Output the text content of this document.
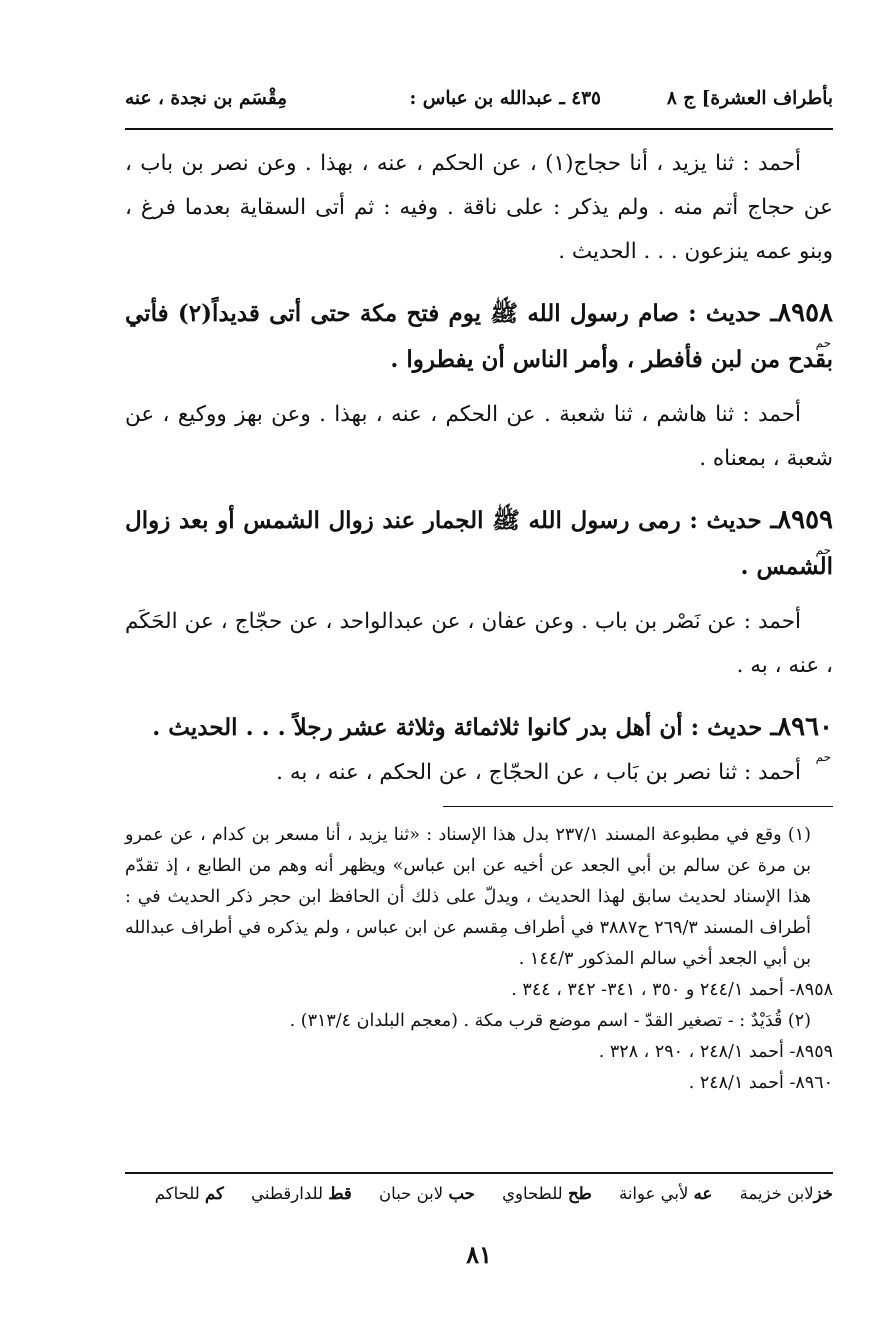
بأطراف العشرة] ج ٨
٤٣٥ ـ عبدالله بن عباس :
مِقْسَم بن نجدة ، عنه

أحمد : ثنا يزيد ، أنا حجاج(١) ، عن الحكم ، عنه ، بهذا . وعن نصر بن باب ، عن حجاج أتم منه . ولم يذكر : على ناقة . وفيه : ثم أتى السقاية بعدما فرغ ، وبنو عمه ينزعون . . . الحديث .

٨٩٥٨ـ حديث : صام رسول الله ﷺ يوم فتح مكة حتى أتى قديداً(٢) فأتي بقدح من لبن فأفطر ، وأمر الناس أن يفطروا .
حم

أحمد : ثنا هاشم ، ثنا شعبة . عن الحكم ، عنه ، بهذا . وعن بهز ووكيع ، عن شعبة ، بمعناه .

٨٩٥٩ـ حديث : رمى رسول الله ﷺ الجمار عند زوال الشمس أو بعد زوال الشمس .
حم

أحمد : عن نَصْر بن باب . وعن عفان ، عن عبدالواحد ، عن حجّاج ، عن الحَكَم ، عنه ، به .

٨٩٦٠ـ حديث : أن أهل بدر كانوا ثلاثمائة وثلاثة عشر رجلاً . . . الحديث .
حم

أحمد : ثنا نصر بن بَاب ، عن الحجّاج ، عن الحكم ، عنه ، به .

(١) وقع في مطبوعة المسند ٢٣٧/١ بدل هذا الإسناد : «ثنا يزيد ، أنا مسعر بن كدام ، عن عمرو بن مرة عن سالم بن أبي الجعد عن أخيه عن ابن عباس» ويظهر أنه وهم من الطابع ، إذ تقدّم هذا الإسناد لحديث سابق لهذا الحديث ، ويدلّ على ذلك أن الحافظ ابن حجر ذكر الحديث في : أطراف المسند ٢٦٩/٣ ح٣٨٨٧ في أطراف مِقسم عن ابن عباس ، ولم يذكره في أطراف عبدالله بن أبي الجعد أخي سالم المذكور ١٤٤/٣ .

٨٩٥٨- أحمد ٢٤٤/١ و ٣٥٠ ، ٣٤١- ٣٤٢ ، ٣٤٤ .

(٢) قُدَيْدٌ : - تصغير القدّ - اسم موضع قرب مكة . (معجم البلدان ٣١٣/٤) .

٨٩٥٩- أحمد ٢٤٨/١ ، ٢٩٠ ، ٣٢٨ .

٨٩٦٠- أحمد ٢٤٨/١ .

خزلابن خزيمة عه لأبي عوانة طح للطحاوي حب لابن حبان قط للدارقطني كم للحاكم
٨١
